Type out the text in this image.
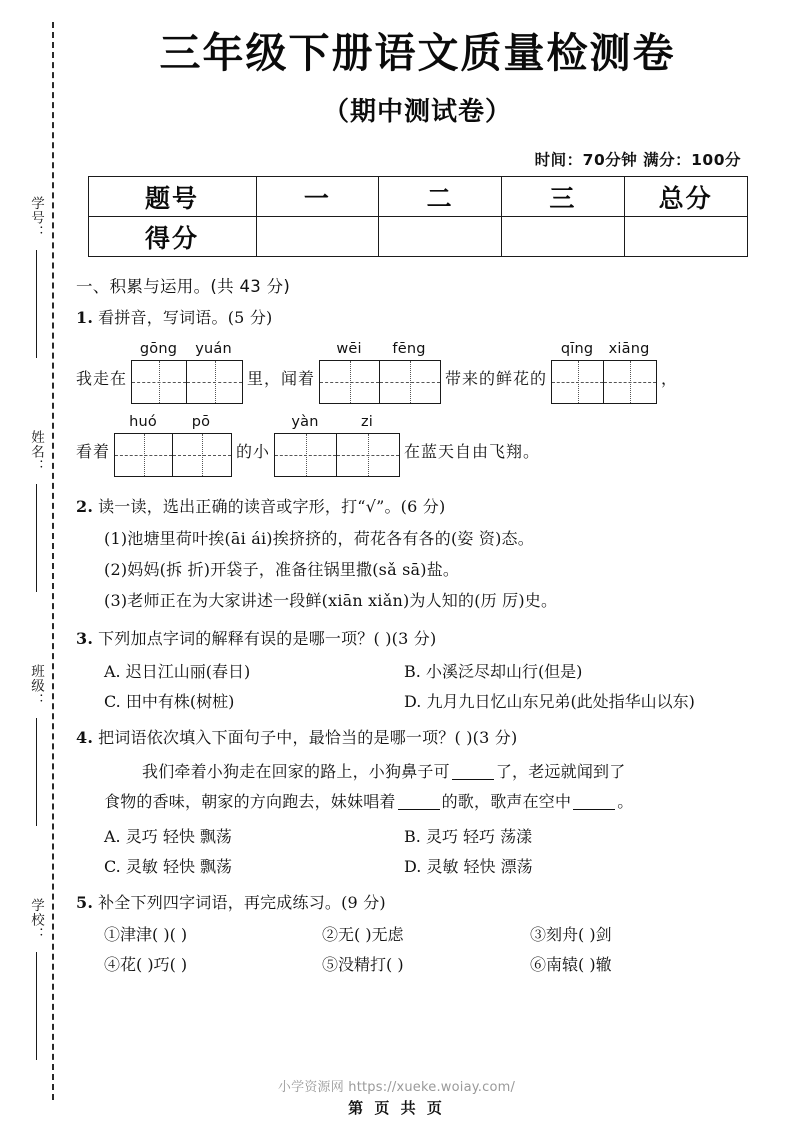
学号：
姓名：
班级：
学校：
三年级下册语文质量检测卷
（期中测试卷）
时间：70分钟 满分：100分
题号	一	二	三	总分
得分				
一、积累与运用。(共 43 分)
1. 看拼音，写词语。(5 分)
我走在
gōng	yuán
里，闻着
wēi	fēng
带来的鲜花的
qīng	xiāng
，
看着
huó	pō
的小
yàn	zi
在蓝天自由飞翔。
2. 读一读，选出正确的读音或字形，打“√”。(6 分)
(1)池塘里荷叶挨(āi ái)挨挤挤的，荷花各有各的(姿 资)态。
(2)妈妈(拆 折)开袋子，准备往锅里撒(sǎ sā)盐。
(3)老师正在为大家讲述一段鲜(xiān xiǎn)为人知的(历 厉)史。
3. 下列加点字词的解释有误的是哪一项？( )(3 分)
A. 迟日江山丽(春日)	B. 小溪泛尽却山行(但是)
C. 田中有株(树桩)	D. 九月九日忆山东兄弟(此处指华山以东)
4. 把词语依次填入下面句子中，最恰当的是哪一项？( )(3 分)
我们牵着小狗走在回家的路上，小狗鼻子可	了，老远就闻到了
食物的香味，朝家的方向跑去，妹妹唱着	的歌，歌声在空中	。
A. 灵巧 轻快 飘荡	B. 灵巧 轻巧 荡漾
C. 灵敏 轻快 飘荡	D. 灵敏 轻快 漂荡
5. 补全下列四字词语，再完成练习。(9 分)
①津津( )( )	②无( )无虑	③刻舟( )剑
④花( )巧( )	⑤没精打( )	⑥南辕( )辙
小学资源网 https://xueke.woiay.com/
第 页 共 页
